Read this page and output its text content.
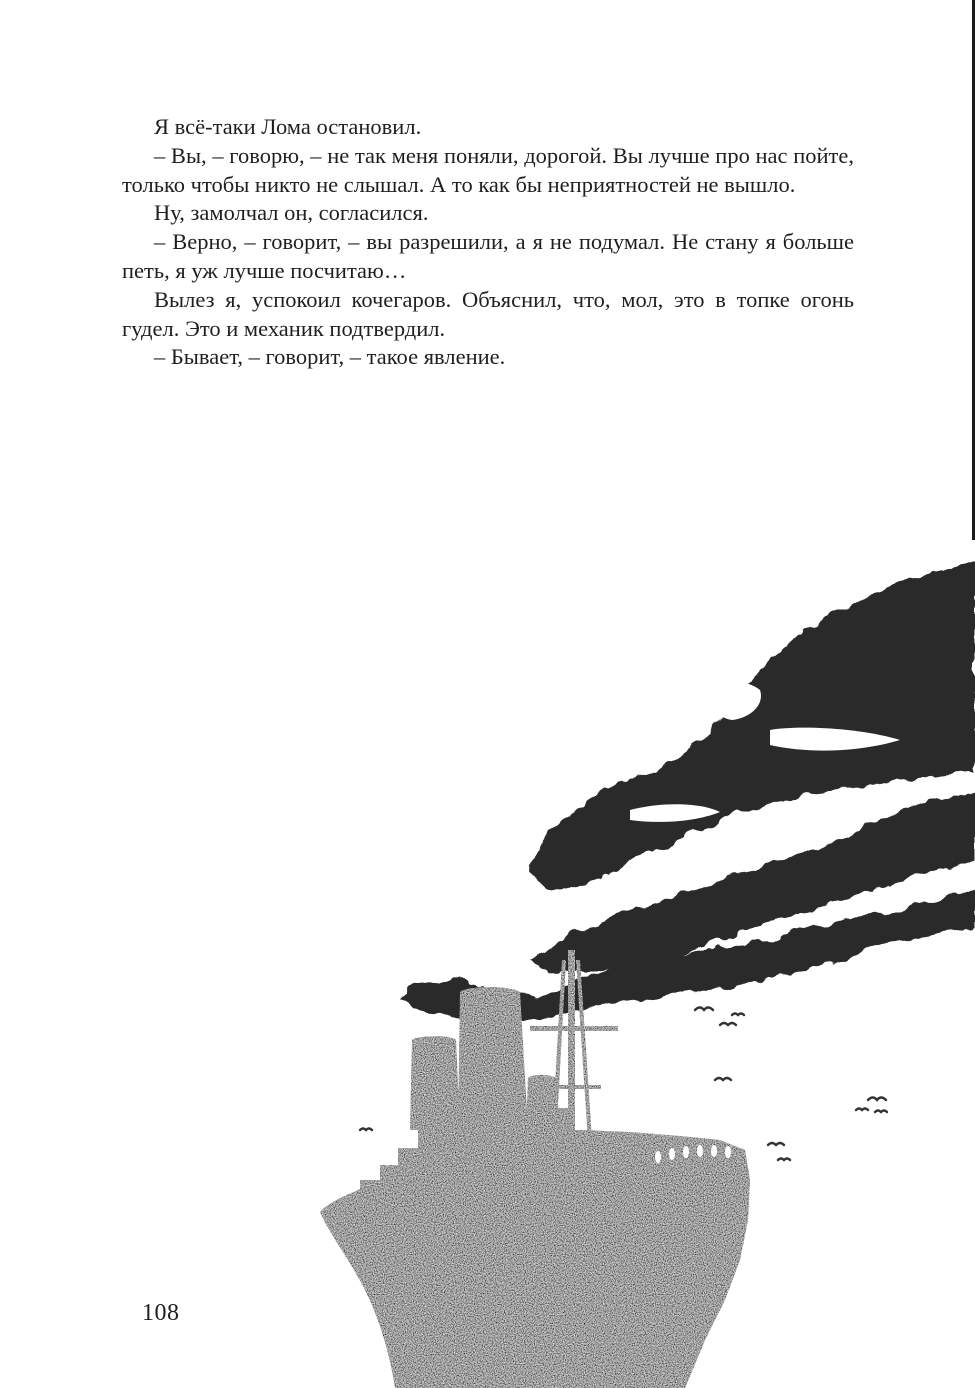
Я всё-таки Лома остановил.

– Вы, – говорю, – не так меня поняли, дорогой. Вы лучше про нас пойте, только чтобы никто не слышал. А то как бы неприятностей не вышло.

Ну, замолчал он, согласился.

– Верно, – говорит, – вы разрешили, а я не подумал. Не стану я больше петь, я уж лучше посчитаю…

Вылез я, успокоил кочегаров. Объяснил, что, мол, это в топке огонь гудел. Это и механик подтвердил.

– Бывает, – говорит, – такое явление.

108
